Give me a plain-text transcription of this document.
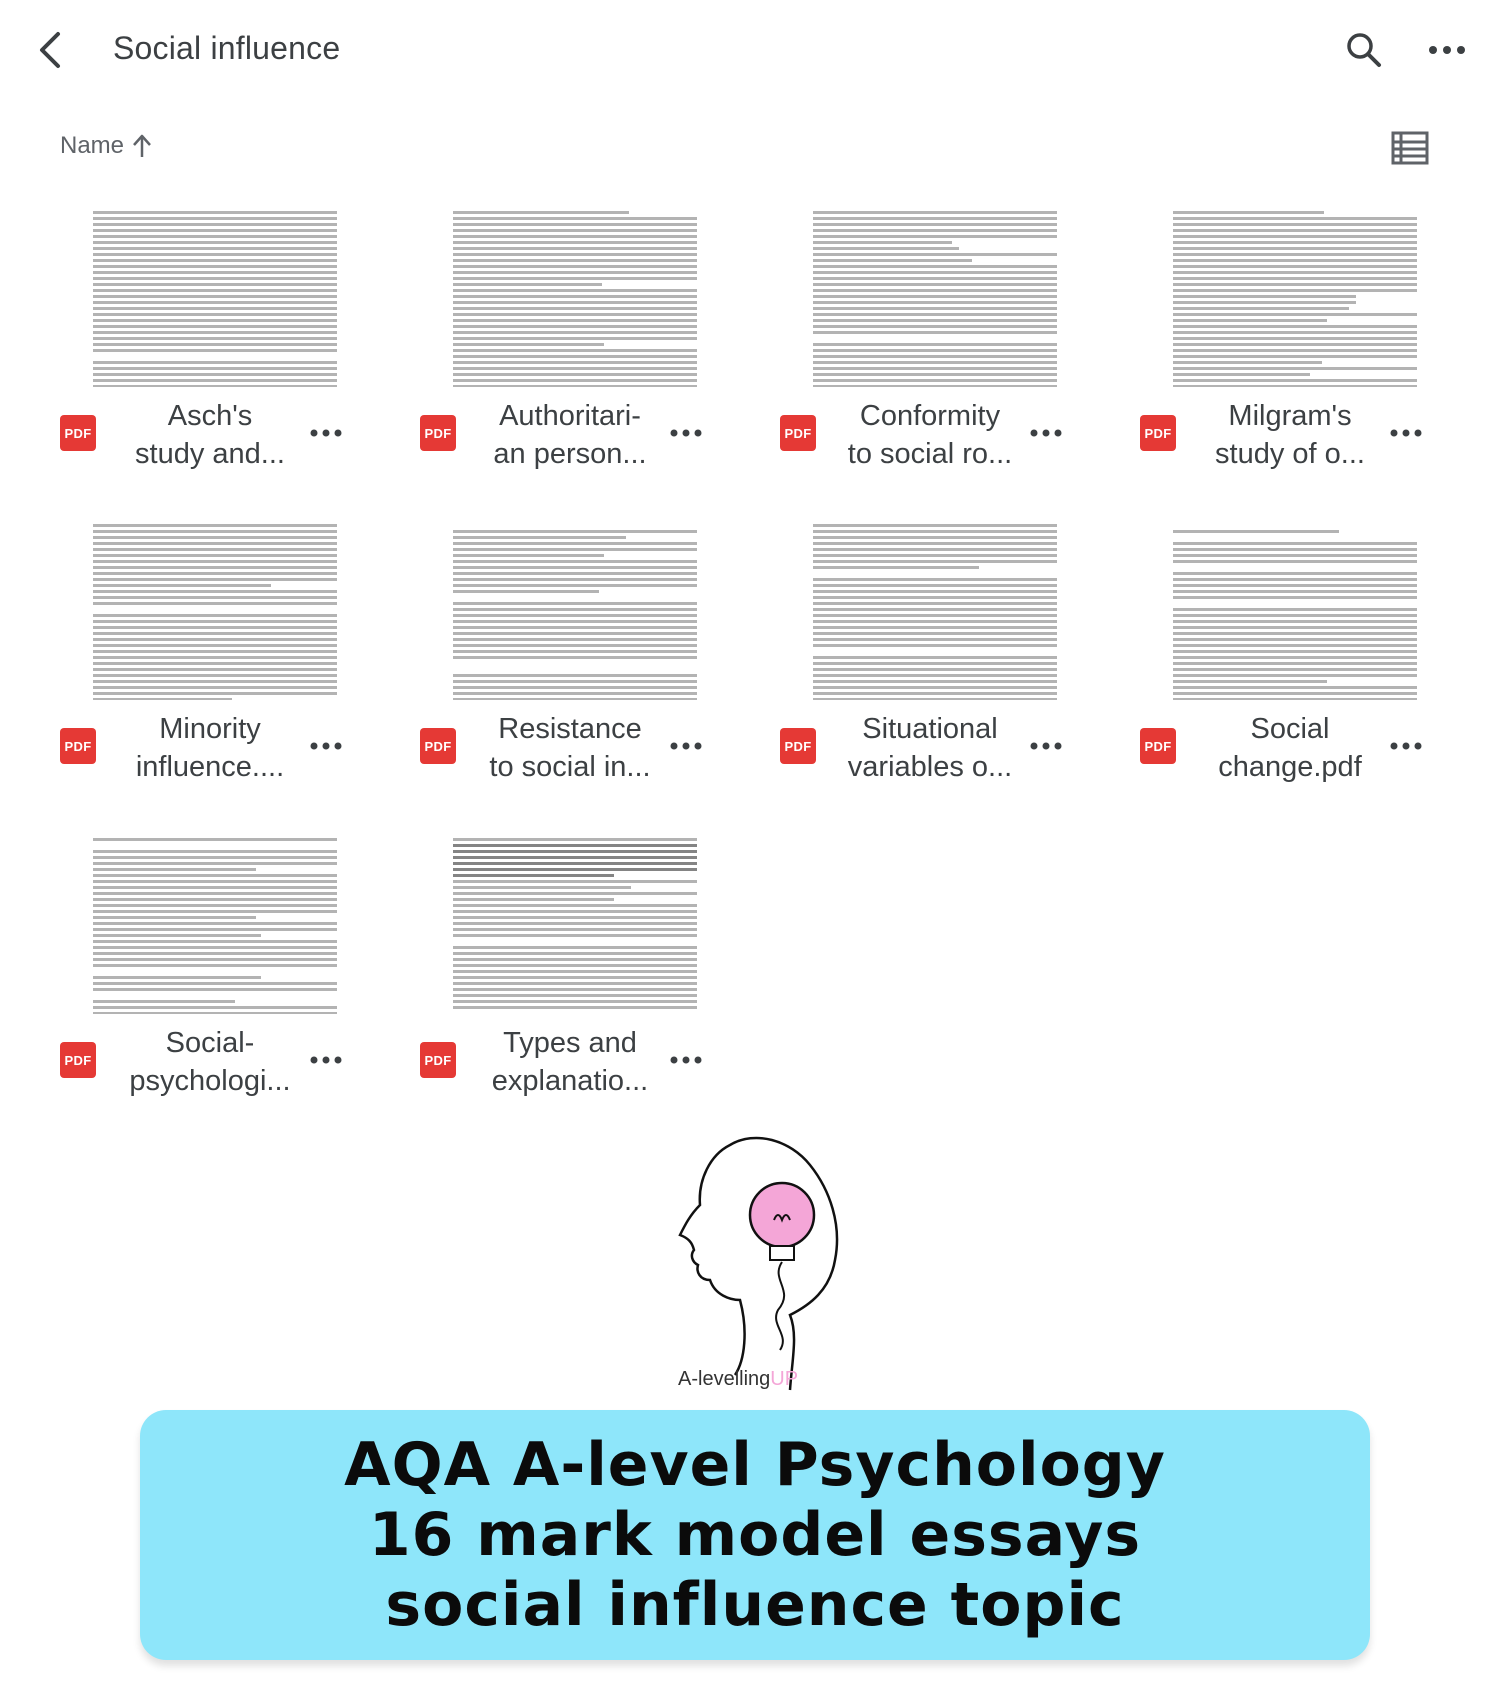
Social influence
Name
PDF
Asch's
study and...
PDF
Authoritari-
an person...
PDF
Conformity
to social ro...
PDF
Milgram's
study of o...
PDF
Minority
influence....
PDF
Resistance
to social in...
PDF
Situational
variables o...
PDF
Social
change.pdf
PDF
Social-
psychologi...
PDF
Types and
explanatio...
A-levellingUP
AQA A-level Psychology
16 mark model essays
social influence topic
